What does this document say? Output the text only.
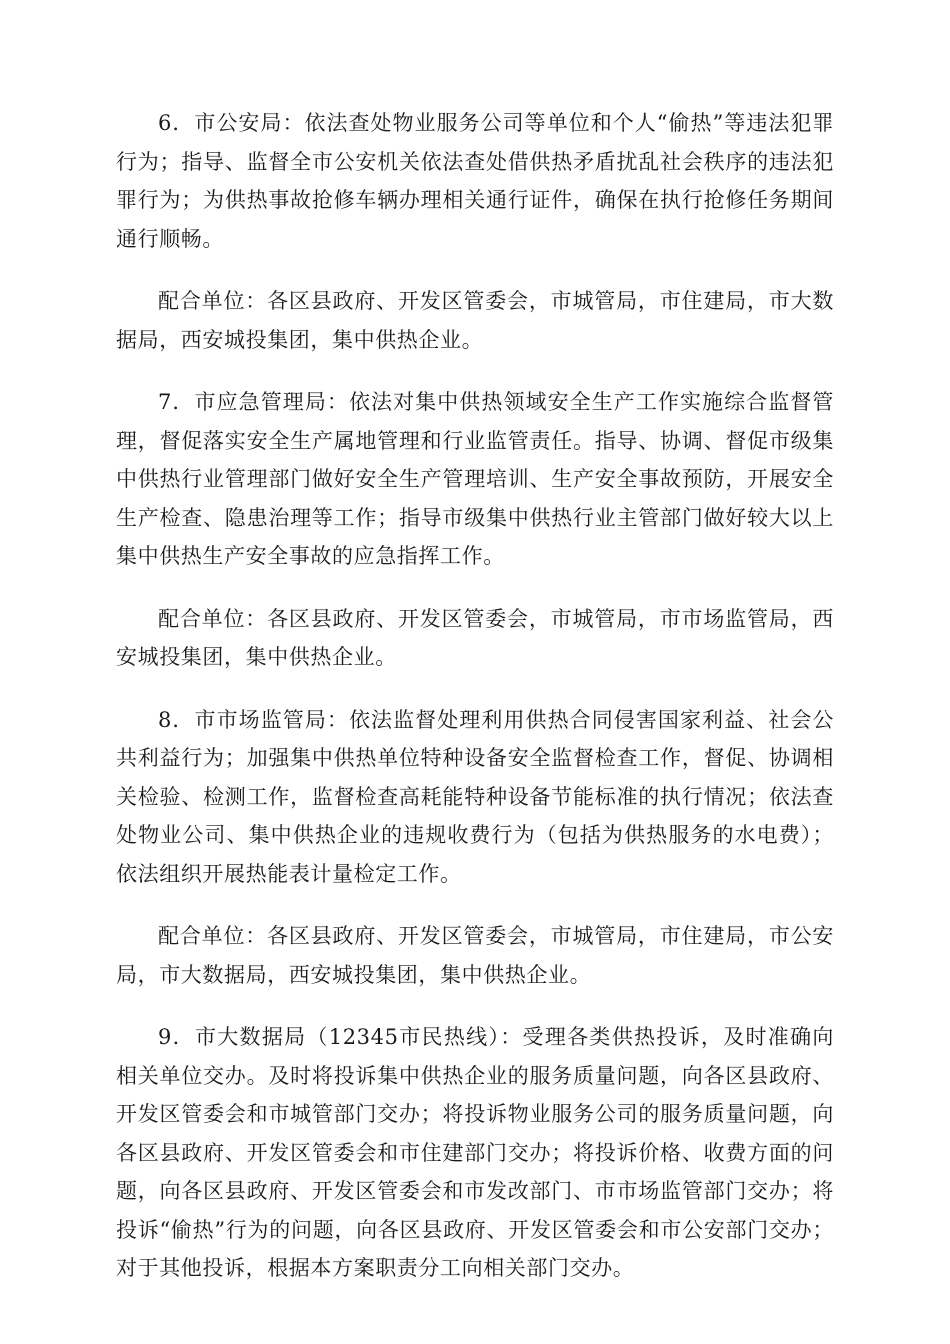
6．市公安局：依法查处物业服务公司等单位和个人“偷热”等违法犯罪行为；指导、监督全市公安机关依法查处借供热矛盾扰乱社会秩序的违法犯罪行为；为供热事故抢修车辆办理相关通行证件，确保在执行抢修任务期间通行顺畅。

配合单位：各区县政府、开发区管委会，市城管局，市住建局，市大数据局，西安城投集团，集中供热企业。

7．市应急管理局：依法对集中供热领域安全生产工作实施综合监督管理，督促落实安全生产属地管理和行业监管责任。指导、协调、督促市级集中供热行业管理部门做好安全生产管理培训、生产安全事故预防，开展安全生产检查、隐患治理等工作；指导市级集中供热行业主管部门做好较大以上集中供热生产安全事故的应急指挥工作。

配合单位：各区县政府、开发区管委会，市城管局，市市场监管局，西安城投集团，集中供热企业。

8．市市场监管局：依法监督处理利用供热合同侵害国家利益、社会公共利益行为；加强集中供热单位特种设备安全监督检查工作，督促、协调相关检验、检测工作，监督检查高耗能特种设备节能标准的执行情况；依法查处物业公司、集中供热企业的违规收费行为（包括为供热服务的水电费）；依法组织开展热能表计量检定工作。

配合单位：各区县政府、开发区管委会，市城管局，市住建局，市公安局，市大数据局，西安城投集团，集中供热企业。

9．市大数据局（12345市民热线）：受理各类供热投诉，及时准确向相关单位交办。及时将投诉集中供热企业的服务质量问题，向各区县政府、开发区管委会和市城管部门交办；将投诉物业服务公司的服务质量问题，向各区县政府、开发区管委会和市住建部门交办；将投诉价格、收费方面的问题，向各区县政府、开发区管委会和市发改部门、市市场监管部门交办；将投诉“偷热”行为的问题，向各区县政府、开发区管委会和市公安部门交办；对于其他投诉，根据本方案职责分工向相关部门交办。
